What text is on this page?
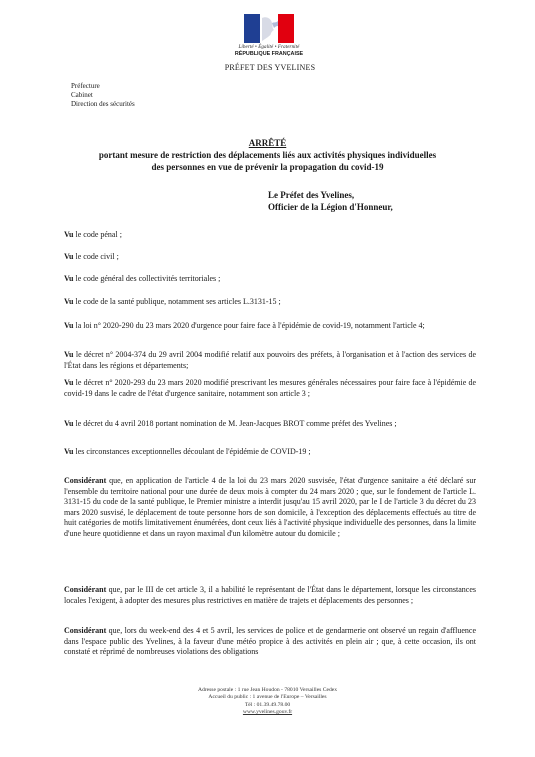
Liberté • Égalité • Fraternité
RÉPUBLIQUE FRANÇAISE
PRÉFET DES YVELINES
Préfecture
Cabinet
Direction des sécurités
ARRÊTÉ
portant mesure de restriction des déplacements liés aux activités physiques individuelles
des personnes en vue de prévenir la propagation du covid-19
Le Préfet des Yvelines,
Officier de la Légion d'Honneur,
Vu le code pénal ;
Vu le code civil ;
Vu le code général des collectivités territoriales ;
Vu le code de la santé publique, notamment ses articles L.3131-15 ;
Vu la loi n° 2020-290 du 23 mars 2020 d'urgence pour faire face à l'épidémie de covid-19, notamment l'article 4;
Vu le décret n° 2004-374 du 29 avril 2004 modifié relatif aux pouvoirs des préfets, à l'organisation et à l'action des services de l'État dans les régions et départements;
Vu le décret n° 2020-293 du 23 mars 2020 modifié prescrivant les mesures générales nécessaires pour faire face à l'épidémie de covid-19 dans le cadre de l'état d'urgence sanitaire, notamment son article 3 ;
Vu le décret du 4 avril 2018 portant nomination de M. Jean-Jacques BROT comme préfet des Yvelines ;
Vu les circonstances exceptionnelles découlant de l'épidémie de COVID-19 ;
Considérant que, en application de l'article 4 de la loi du 23 mars 2020 susvisée, l'état d'urgence sanitaire a été déclaré sur l'ensemble du territoire national pour une durée de deux mois à compter du 24 mars 2020 ; que, sur le fondement de l'article L. 3131-15 du code de la santé publique, le Premier ministre a interdit jusqu'au 15 avril 2020, par le I de l'article 3 du décret du 23 mars 2020 susvisé, le déplacement de toute personne hors de son domicile, à l'exception des déplacements effectués au titre de huit catégories de motifs limitativement énumérées, dont ceux liés à l'activité physique individuelle des personnes, dans la limite d'une heure quotidienne et dans un rayon maximal d'un kilomètre autour du domicile ;
Considérant que, par le III de cet article 3, il a habilité le représentant de l'État dans le département, lorsque les circonstances locales l'exigent, à adopter des mesures plus restrictives en matière de trajets et déplacements des personnes ;
Considérant que, lors du week-end des 4 et 5 avril, les services de police et de gendarmerie ont observé un regain d'affluence dans l'espace public des Yvelines, à la faveur d'une météo propice à des activités en plein air ; que, à cette occasion, ils ont constaté et réprimé de nombreuses violations des obligations
Adresse postale : 1 rue Jean Houdon - 78010 Versailles Cedex
Accueil du public : 1 avenue de l'Europe – Versailles
Tél : 01.39.49.78.00
www.yvelines.gouv.fr
